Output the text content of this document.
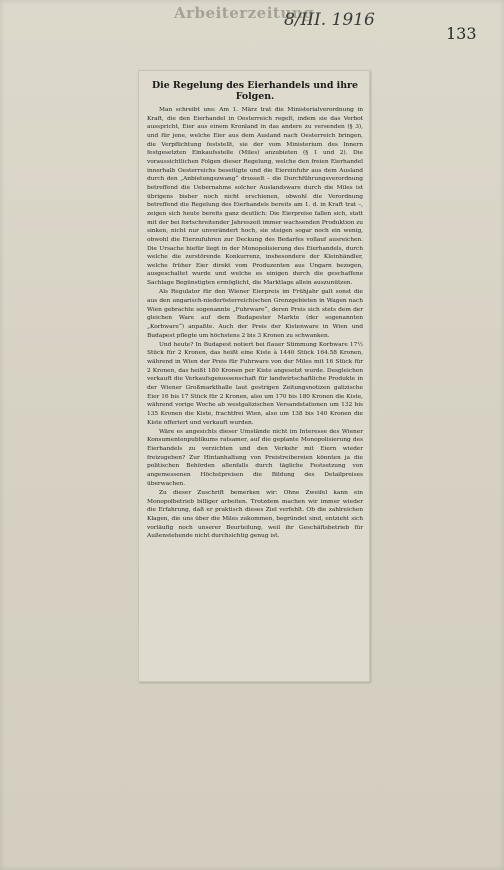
Arbeiterzeitung
8/III. 1916
133
Die Regelung des Eierhandels und ihre
Folgen.

Man schreibt uns: Am 1. März trat die Ministerialverordnung in Kraft, die den Eierhandel in Oesterreich regelt, indem sie das Verbot ausspricht, Eier aus einem Kronland in das andere zu versenden (§ 3), und für jene, welche Eier aus dem Ausland nach Oesterreich bringen, die Verpflichtung feststellt, sie der vom Ministerium des Innern festgesetzten Einkaufsstelle (Miles) anzubieten (§ 1 und 2). Die voraussichtlichen Folgen dieser Regelung, welche den freien Eierhandel innerhalb Oesterreichs beseitigte und die Eiereinfuhr aus dem Ausland durch den „Anbietungszwang“ drosselt – die Durchführungsverordnung betreffend die Uebernahme solcher Auslandsware durch die Miles ist übrigens bisher noch nicht erschienen, obwohl die Verordnung betreffend die Regelung des Eierhandels bereits am 1. d. in Kraft trat –, zeigen sich heute bereits ganz deutlich: Die Eierpreise fallen sich, statt mit der bei fortschreitender Jahreszeit immer wachsenden Produktion zu sinken, nicht nur unverändert hoch, sie steigen sogar noch ein wenig, obwohl die Eierzufuhren zur Deckung des Bedarfes vollauf ausreichen. Die Ursache hiefür liegt in der Monopolisierung des Eierhandels, durch welche die zerstörende Konkurrenz, insbesondere der Kleinhändler, welche früher Eier direkt vom Produzenten aus Ungarn bezogen, ausgeschaltet wurde und welche es einigen durch die geschaffene Sachlage Begünstigten ermöglicht, die Marktlage allein auszunützen.

Als Regulator für den Wiener Eierpreis im Frühjahr galt sonst die aus den ungarisch-niederösterreichischen Grenzgebieten in Wagen nach Wien gebrachte sogenannte „Fuhrware“, deren Preis sich stets dem der gleichen Ware auf dem Budapester Markte (der sogenannten „Korbware“) anpaßte. Auch der Preis der Kistenware in Wien und Budapest pflegte um höchstens 2 bis 3 Kronen zu schwanken.

Und heute? In Budapest notiert bei flauer Stimmung Korbware 17½ Stück für 2 Kronen, das heißt eine Kiste à 1440 Stück 164.58 Kronen, während in Wien der Preis für Fuhrware von der Miles mit 16 Stück für 2 Kronen, das heißt 180 Kronen per Kiste angesetzt wurde. Desgleichen verkauft die Verkaufsgenossenschaft für landwirtschaftliche Produkte in der Wiener Großmarkthalle laut gestrigen Zeitungsnotizen galizische Eier 16 bis 17 Stück für 2 Kronen, also um 170 bis 180 Kronen die Kiste, während vorige Woche ab westgalizischen Versandstationen um 132 bis 135 Kronen die Kiste, frachtfrei Wien, also um 138 bis 140 Kronen die Kiste offeriert und verkauft wurden.

Wäre es angesichts dieser Umstände nicht im Interesse des Wiener Konsumentenpublikums ratsamer, auf die geplante Monopolisierung des Eierhandels zu verzichten und den Verkehr mit Eiern wieder freizugeben? Zur Hintanhaltung von Preistreibereien könnten ja die politischen Behörden allenfalls durch tägliche Festsetzung von angemessenen Höchstpreisen die Bildung des Detailpreises überwachen.

Zu dieser Zuschrift bemerken wir: Ohne Zweifel kann ein Monopolbetrieb billiger arbeiten. Trotzdem machen wir immer wieder die Erfahrung, daß er praktisch dieses Ziel verfehlt. Ob die zahlreichen Klagen, die uns über die Miles zukommen, begründet sind, entzieht sich vorläufig noch unserer Beurteilung, weil ihr Geschäftsbetrieb für Außenstehende nicht durchsichtig genug ist.
